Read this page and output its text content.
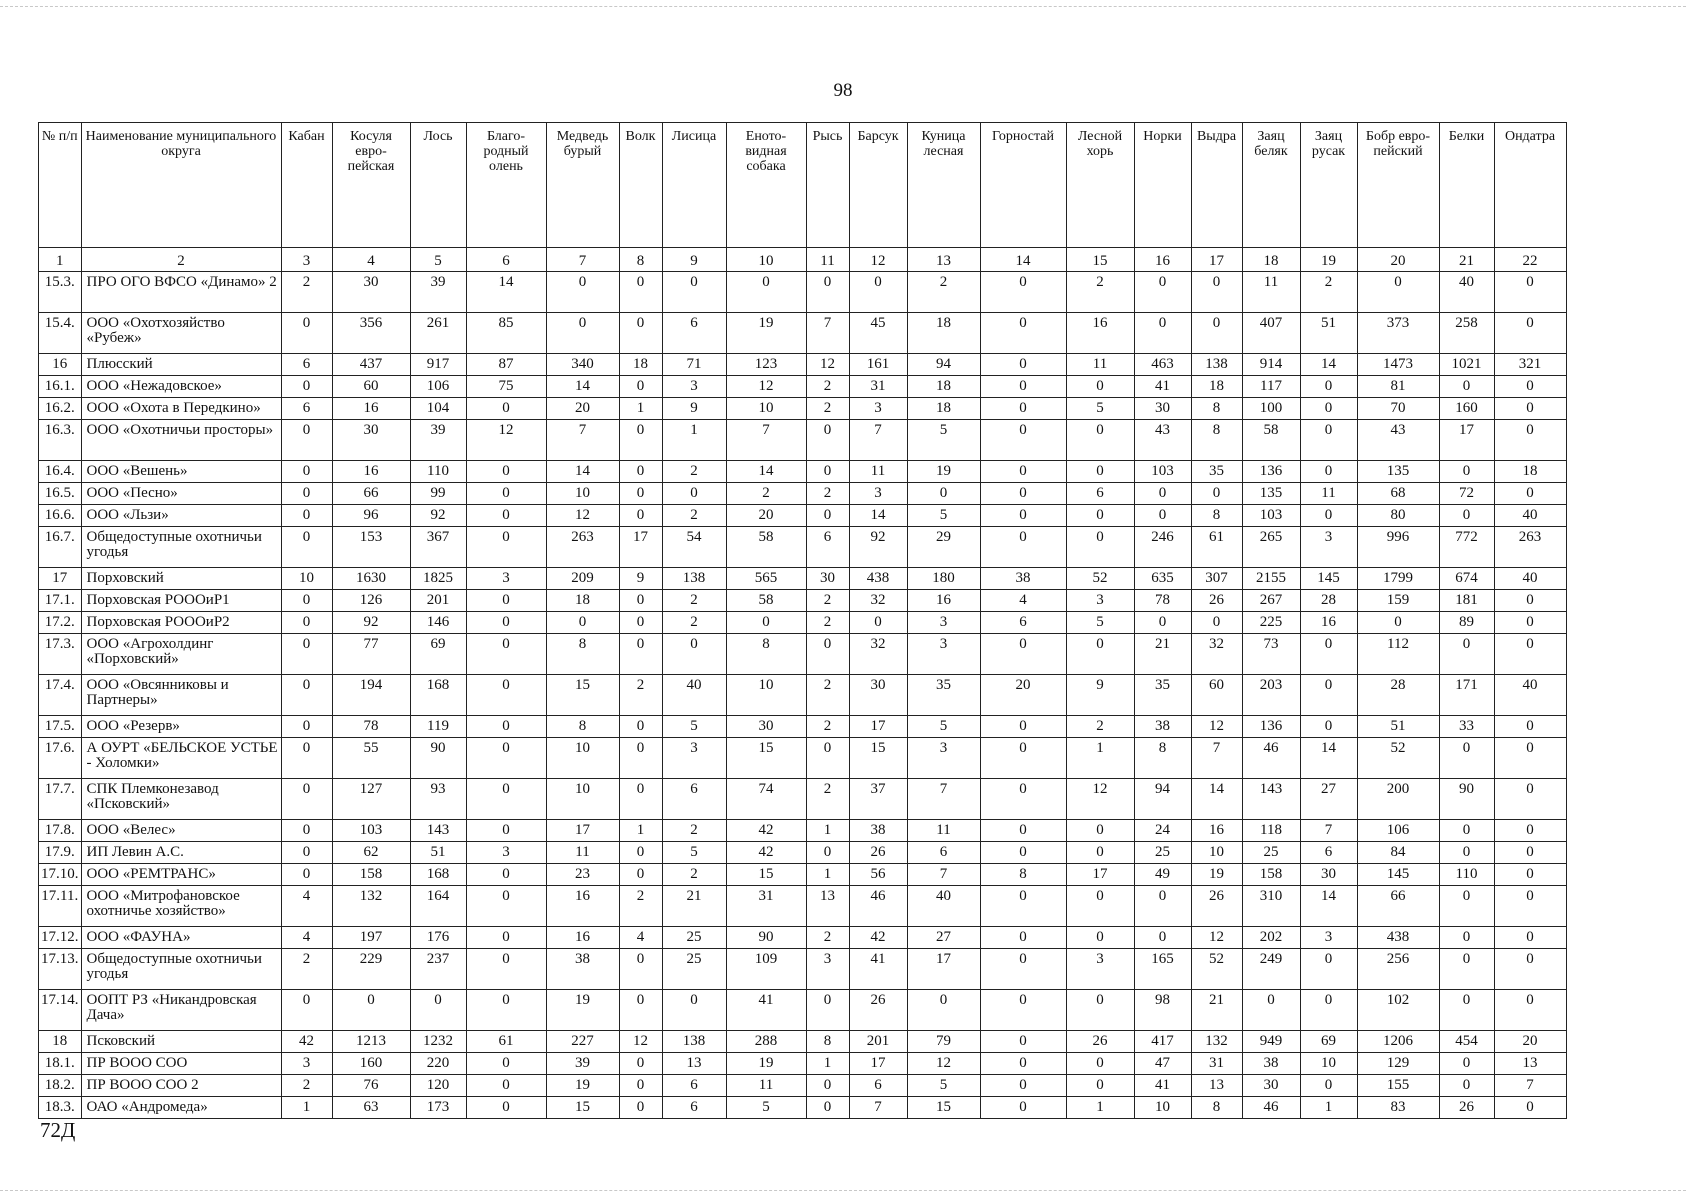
98
№ п/п	Наименование муниципального округа	Кабан	Косуля евро-пейская	Лось	Благо-родный олень	Медведь бурый	Волк	Лисица	Еното-видная собака	Рысь	Барсук	Куница лесная	Горностай	Лесной хорь	Норки	Выдра	Заяц беляк	Заяц русак	Бобр евро-пейский	Белки	Ондатра
1	2	3	4	5	6	7	8	9	10	11	12	13	14	15	16	17	18	19	20	21	22
15.3.	ПРО ОГО ВФСО «Динамо» 2	2	30	39	14	0	0	0	0	0	0	2	0	2	0	0	11	2	0	40	0
15.4.	ООО «Охотхозяйство «Рубеж»	0	356	261	85	0	0	6	19	7	45	18	0	16	0	0	407	51	373	258	0
16	Плюсский	6	437	917	87	340	18	71	123	12	161	94	0	11	463	138	914	14	1473	1021	321
16.1.	ООО «Нежадовское»	0	60	106	75	14	0	3	12	2	31	18	0	0	41	18	117	0	81	0	0
16.2.	ООО «Охота в Передкино»	6	16	104	0	20	1	9	10	2	3	18	0	5	30	8	100	0	70	160	0
16.3.	ООО «Охотничьи просторы»	0	30	39	12	7	0	1	7	0	7	5	0	0	43	8	58	0	43	17	0
16.4.	ООО «Вешень»	0	16	110	0	14	0	2	14	0	11	19	0	0	103	35	136	0	135	0	18
16.5.	ООО «Песно»	0	66	99	0	10	0	0	2	2	3	0	0	6	0	0	135	11	68	72	0
16.6.	ООО «Льзи»	0	96	92	0	12	0	2	20	0	14	5	0	0	0	8	103	0	80	0	40
16.7.	Общедоступные охотничьи угодья	0	153	367	0	263	17	54	58	6	92	29	0	0	246	61	265	3	996	772	263
17	Порховский	10	1630	1825	3	209	9	138	565	30	438	180	38	52	635	307	2155	145	1799	674	40
17.1.	Порховская РОООиР1	0	126	201	0	18	0	2	58	2	32	16	4	3	78	26	267	28	159	181	0
17.2.	Порховская РОООиР2	0	92	146	0	0	0	2	0	2	0	3	6	5	0	0	225	16	0	89	0
17.3.	ООО «Агрохолдинг «Порховский»	0	77	69	0	8	0	0	8	0	32	3	0	0	21	32	73	0	112	0	0
17.4.	ООО «Овсянниковы и Партнеры»	0	194	168	0	15	2	40	10	2	30	35	20	9	35	60	203	0	28	171	40
17.5.	ООО «Резерв»	0	78	119	0	8	0	5	30	2	17	5	0	2	38	12	136	0	51	33	0
17.6.	А ОУРТ «БЕЛЬСКОЕ УСТЬЕ - Холомки»	0	55	90	0	10	0	3	15	0	15	3	0	1	8	7	46	14	52	0	0
17.7.	СПК Племконезавод «Псковский»	0	127	93	0	10	0	6	74	2	37	7	0	12	94	14	143	27	200	90	0
17.8.	ООО «Велес»	0	103	143	0	17	1	2	42	1	38	11	0	0	24	16	118	7	106	0	0
17.9.	ИП Левин А.С.	0	62	51	3	11	0	5	42	0	26	6	0	0	25	10	25	6	84	0	0
17.10.	ООО «РЕМТРАНС»	0	158	168	0	23	0	2	15	1	56	7	8	17	49	19	158	30	145	110	0
17.11.	ООО «Митрофановское охотничье хозяйство»	4	132	164	0	16	2	21	31	13	46	40	0	0	0	26	310	14	66	0	0
17.12.	ООО «ФАУНА»	4	197	176	0	16	4	25	90	2	42	27	0	0	0	12	202	3	438	0	0
17.13.	Общедоступные охотничьи угодья	2	229	237	0	38	0	25	109	3	41	17	0	3	165	52	249	0	256	0	0
17.14.	ООПТ РЗ «Никандровская Дача»	0	0	0	0	19	0	0	41	0	26	0	0	0	98	21	0	0	102	0	0
18	Псковский	42	1213	1232	61	227	12	138	288	8	201	79	0	26	417	132	949	69	1206	454	20
18.1.	ПР ВООО СОО	3	160	220	0	39	0	13	19	1	17	12	0	0	47	31	38	10	129	0	13
18.2.	ПР ВООО СОО 2	2	76	120	0	19	0	6	11	0	6	5	0	0	41	13	30	0	155	0	7
18.3.	ОАО «Андромеда»	1	63	173	0	15	0	6	5	0	7	15	0	1	10	8	46	1	83	26	0
72Д
